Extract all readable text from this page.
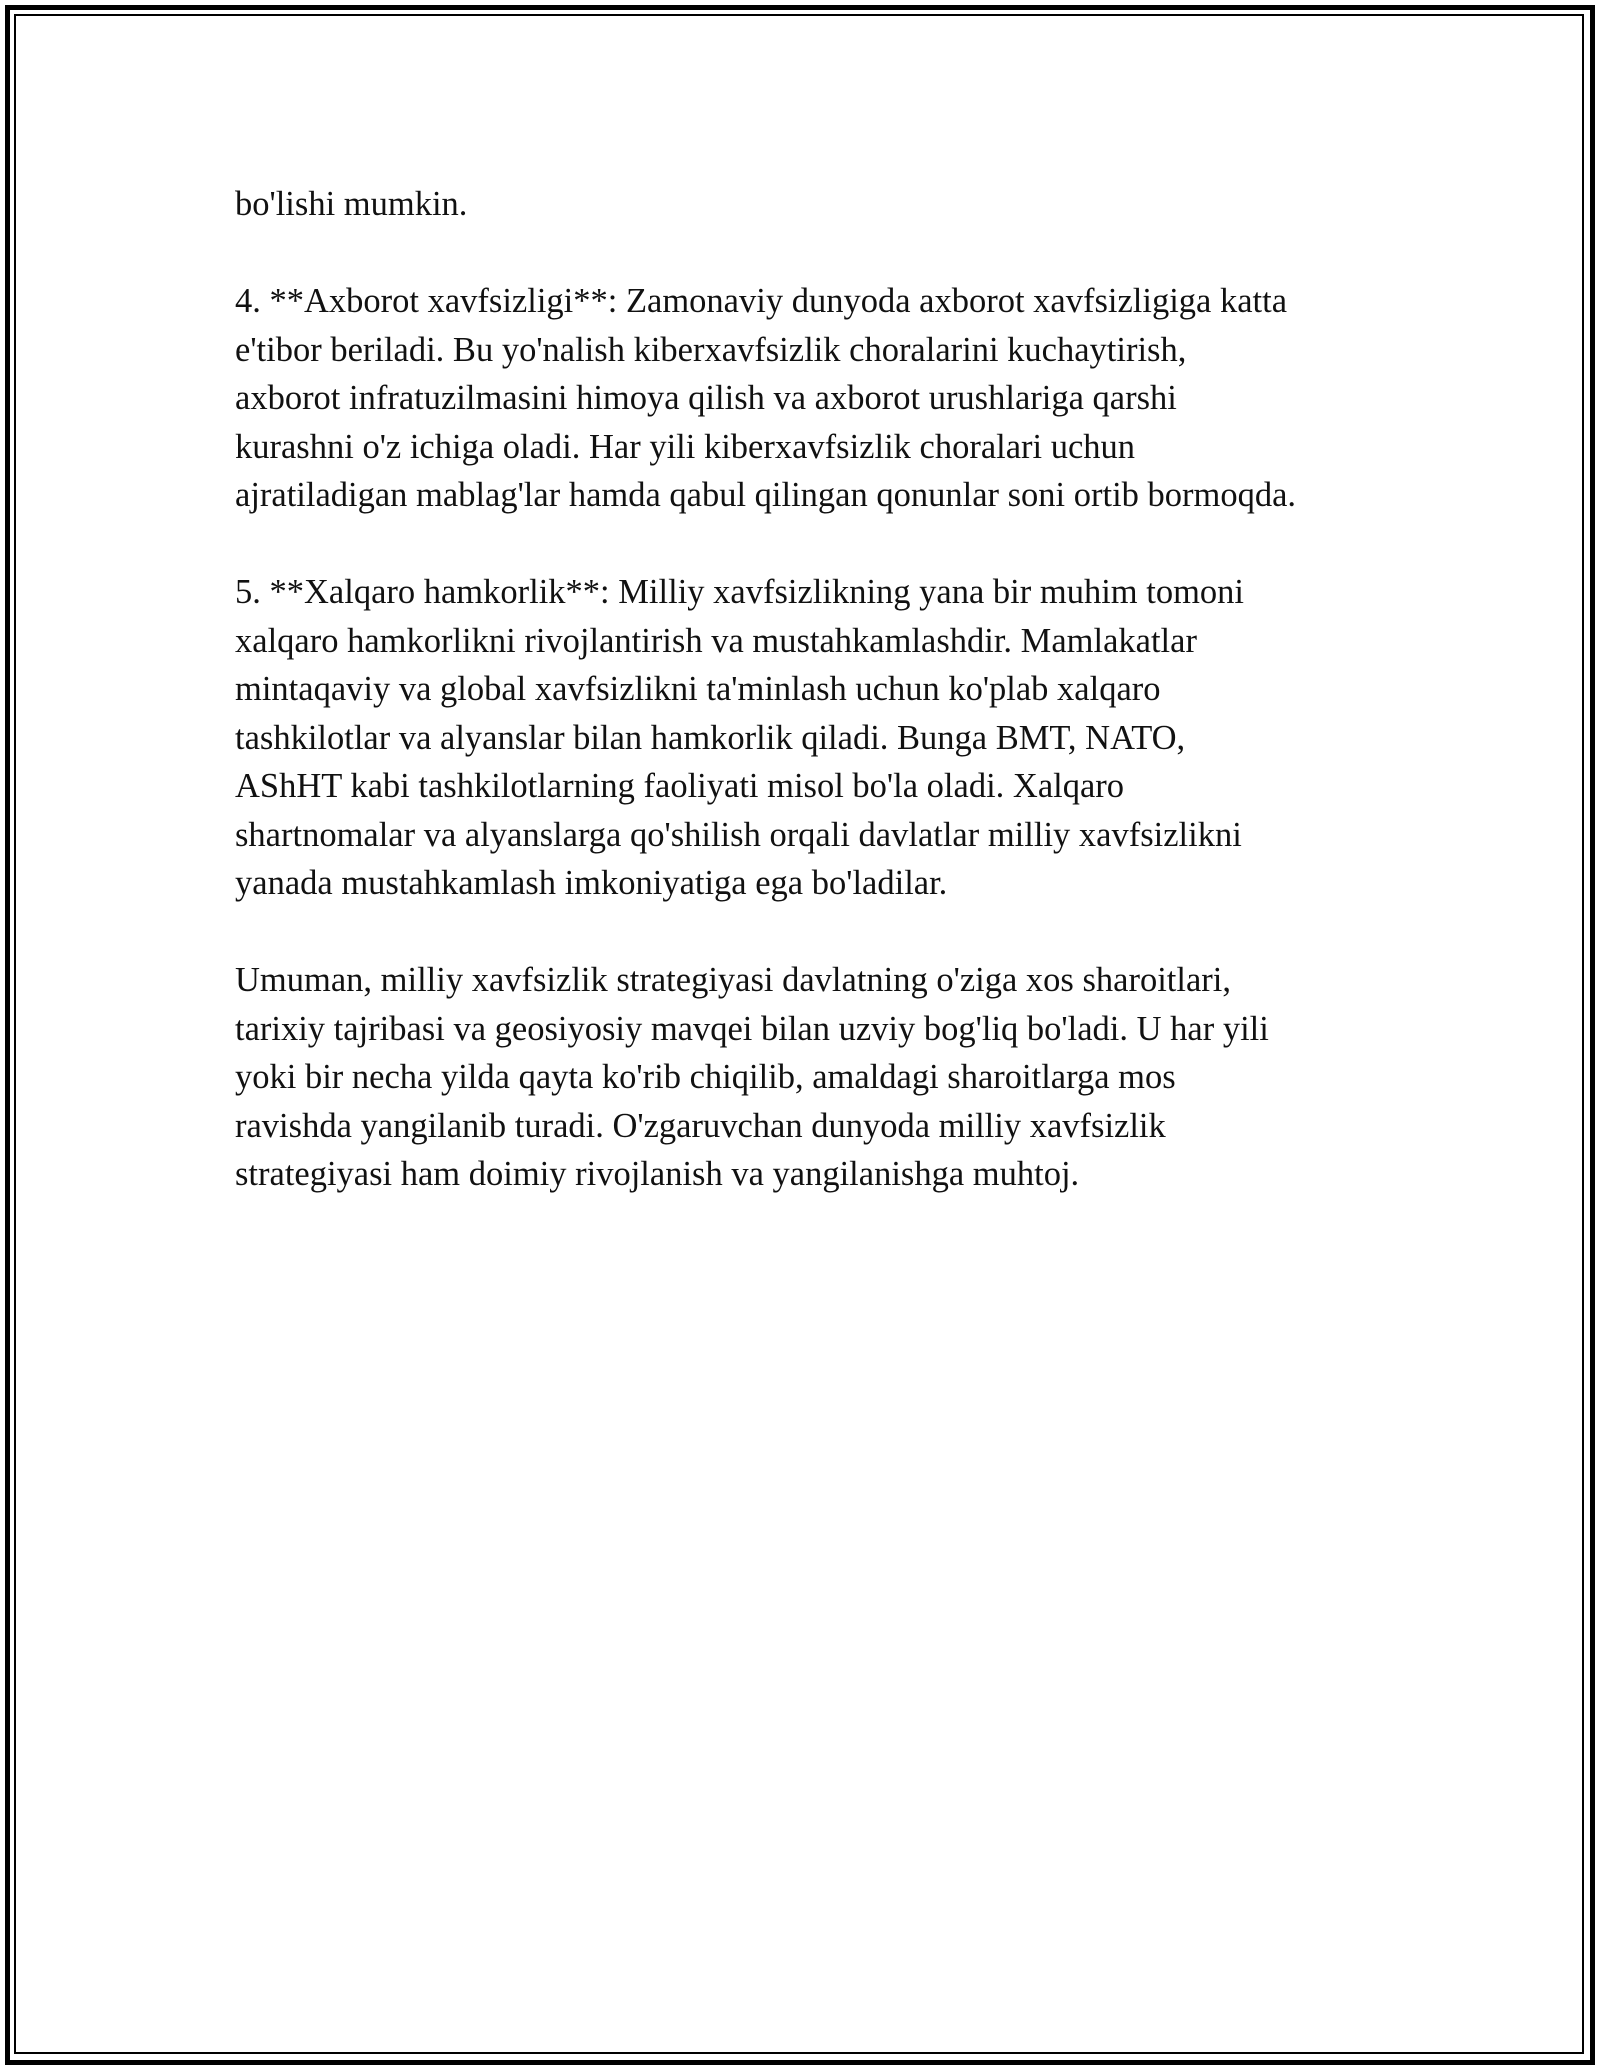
bo'lishi mumkin.

4. **Axborot xavfsizligi**: Zamonaviy dunyoda axborot xavfsizligiga katta
e'tibor beriladi. Bu yo'nalish kiberxavfsizlik choralarini kuchaytirish,
axborot infratuzilmasini himoya qilish va axborot urushlariga qarshi
kurashni o'z ichiga oladi. Har yili kiberxavfsizlik choralari uchun
ajratiladigan mablag'lar hamda qabul qilingan qonunlar soni ortib bormoqda.

5. **Xalqaro hamkorlik**: Milliy xavfsizlikning yana bir muhim tomoni
xalqaro hamkorlikni rivojlantirish va mustahkamlashdir. Mamlakatlar
mintaqaviy va global xavfsizlikni ta'minlash uchun ko'plab xalqaro
tashkilotlar va alyanslar bilan hamkorlik qiladi. Bunga BMT, NATO,
AShHT kabi tashkilotlarning faoliyati misol bo'la oladi. Xalqaro
shartnomalar va alyanslarga qo'shilish orqali davlatlar milliy xavfsizlikni
yanada mustahkamlash imkoniyatiga ega bo'ladilar.

Umuman, milliy xavfsizlik strategiyasi davlatning o'ziga xos sharoitlari,
tarixiy tajribasi va geosiyosiy mavqei bilan uzviy bog'liq bo'ladi. U har yili
yoki bir necha yilda qayta ko'rib chiqilib, amaldagi sharoitlarga mos
ravishda yangilanib turadi. O'zgaruvchan dunyoda milliy xavfsizlik
strategiyasi ham doimiy rivojlanish va yangilanishga muhtoj.
